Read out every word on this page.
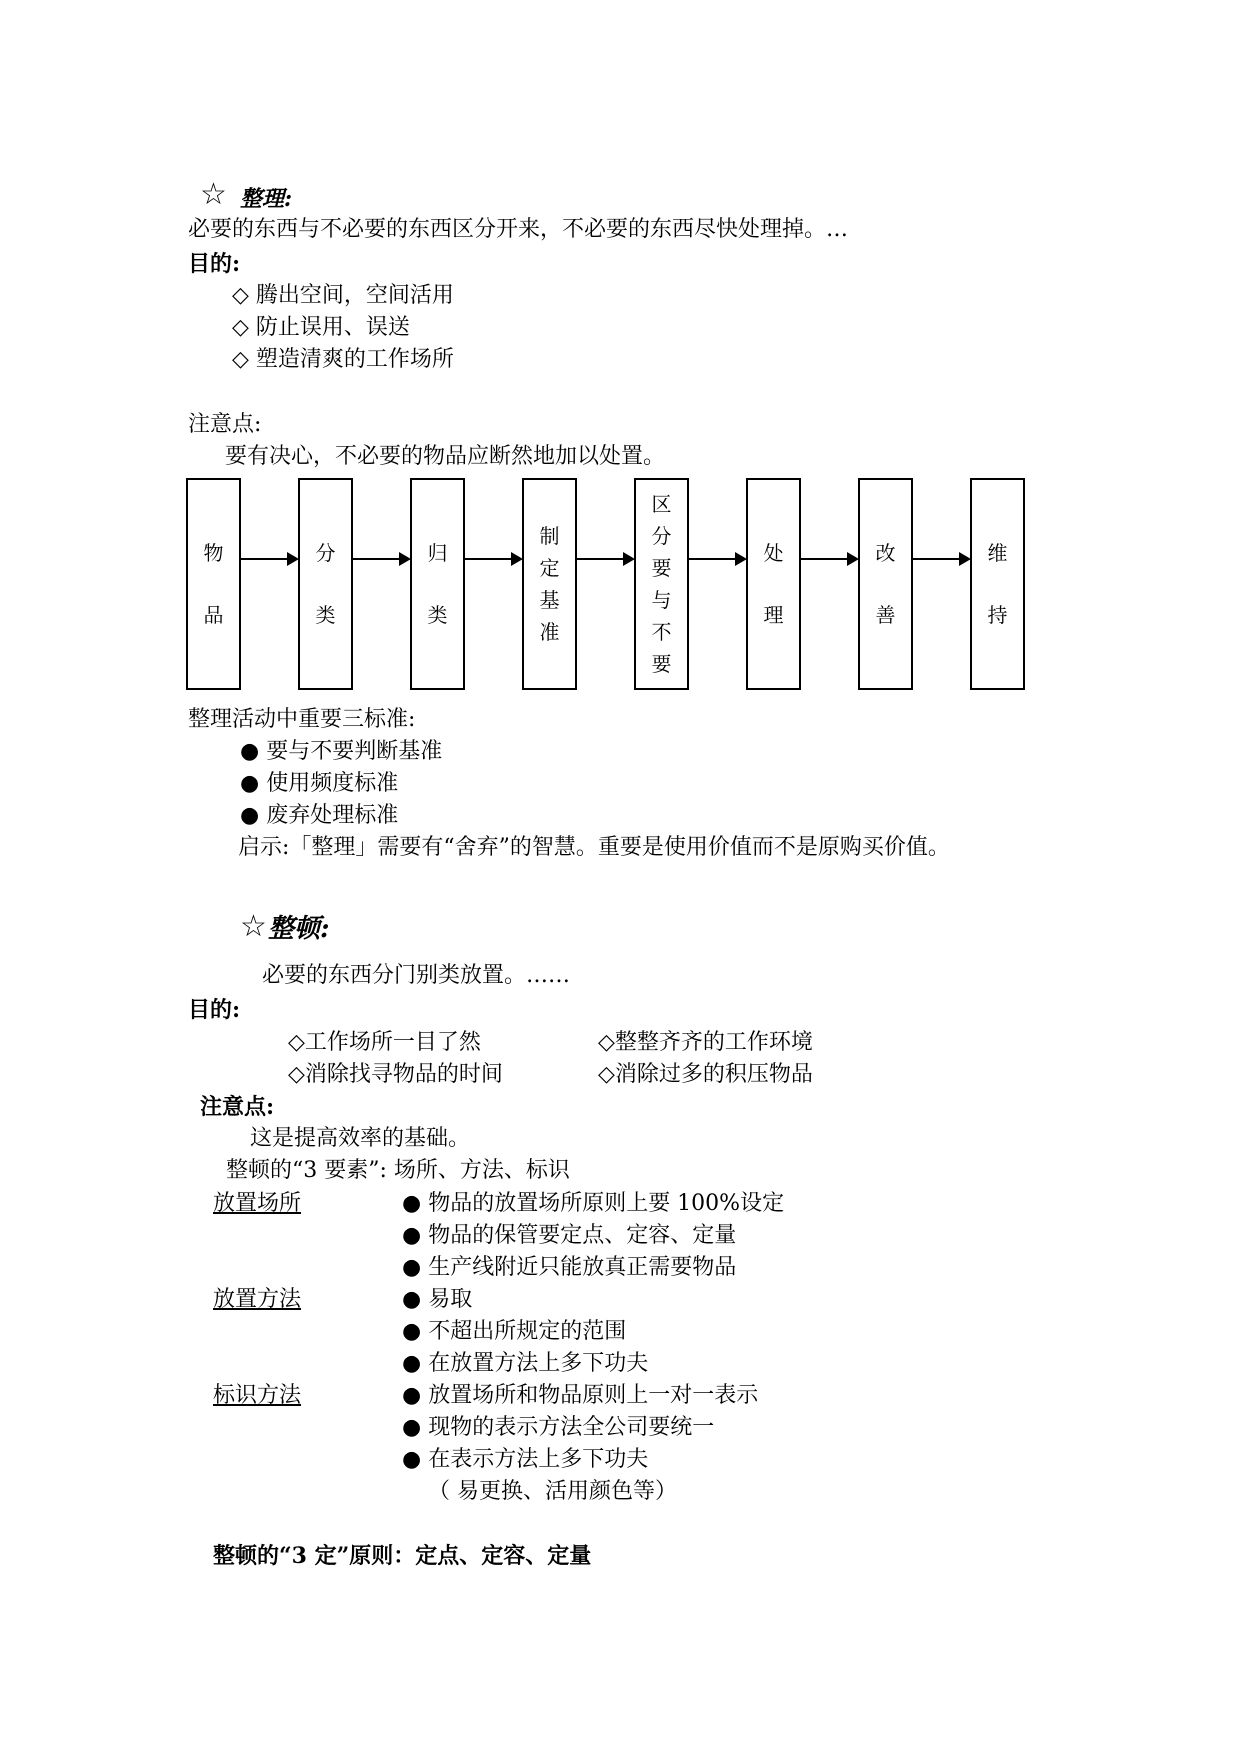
☆ 整理:
必要的东西与不必要的东西区分开来，不必要的东西尽快处理掉。…
目的:
◇ 腾出空间，空间活用
◇ 防止误用、误送
◇ 塑造清爽的工作场所
注意点:
要有决心，不必要的物品应断然地加以处置。
物
品
分
类
归
类
制
定
基
准
区
分
要
与
不
要
处
理
改
善
维
持
整理活动中重要三标准:
● 要与不要判断基准
● 使用频度标准
● 废弃处理标准
启示:「整理」需要有“舍弃”的智慧。重要是使用价值而不是原购买价值。
☆ 整顿:
必要的东西分门别类放置。……
目的:
◇工作场所一目了然	◇整整齐齐的工作环境
◇消除找寻物品的时间	◇消除过多的积压物品
注意点:
这是提高效率的基础。
整顿的“3 要素”: 场所、方法、标识
放置场所	● 物品的放置场所原则上要 100%设定
● 物品的保管要定点、定容、定量
● 生产线附近只能放真正需要物品
放置方法	● 易取
● 不超出所规定的范围
● 在放置方法上多下功夫
标识方法	● 放置场所和物品原则上一对一表示
● 现物的表示方法全公司要统一
● 在表示方法上多下功夫
（ 易更换、活用颜色等）
整顿的“3 定”原则：定点、定容、定量
